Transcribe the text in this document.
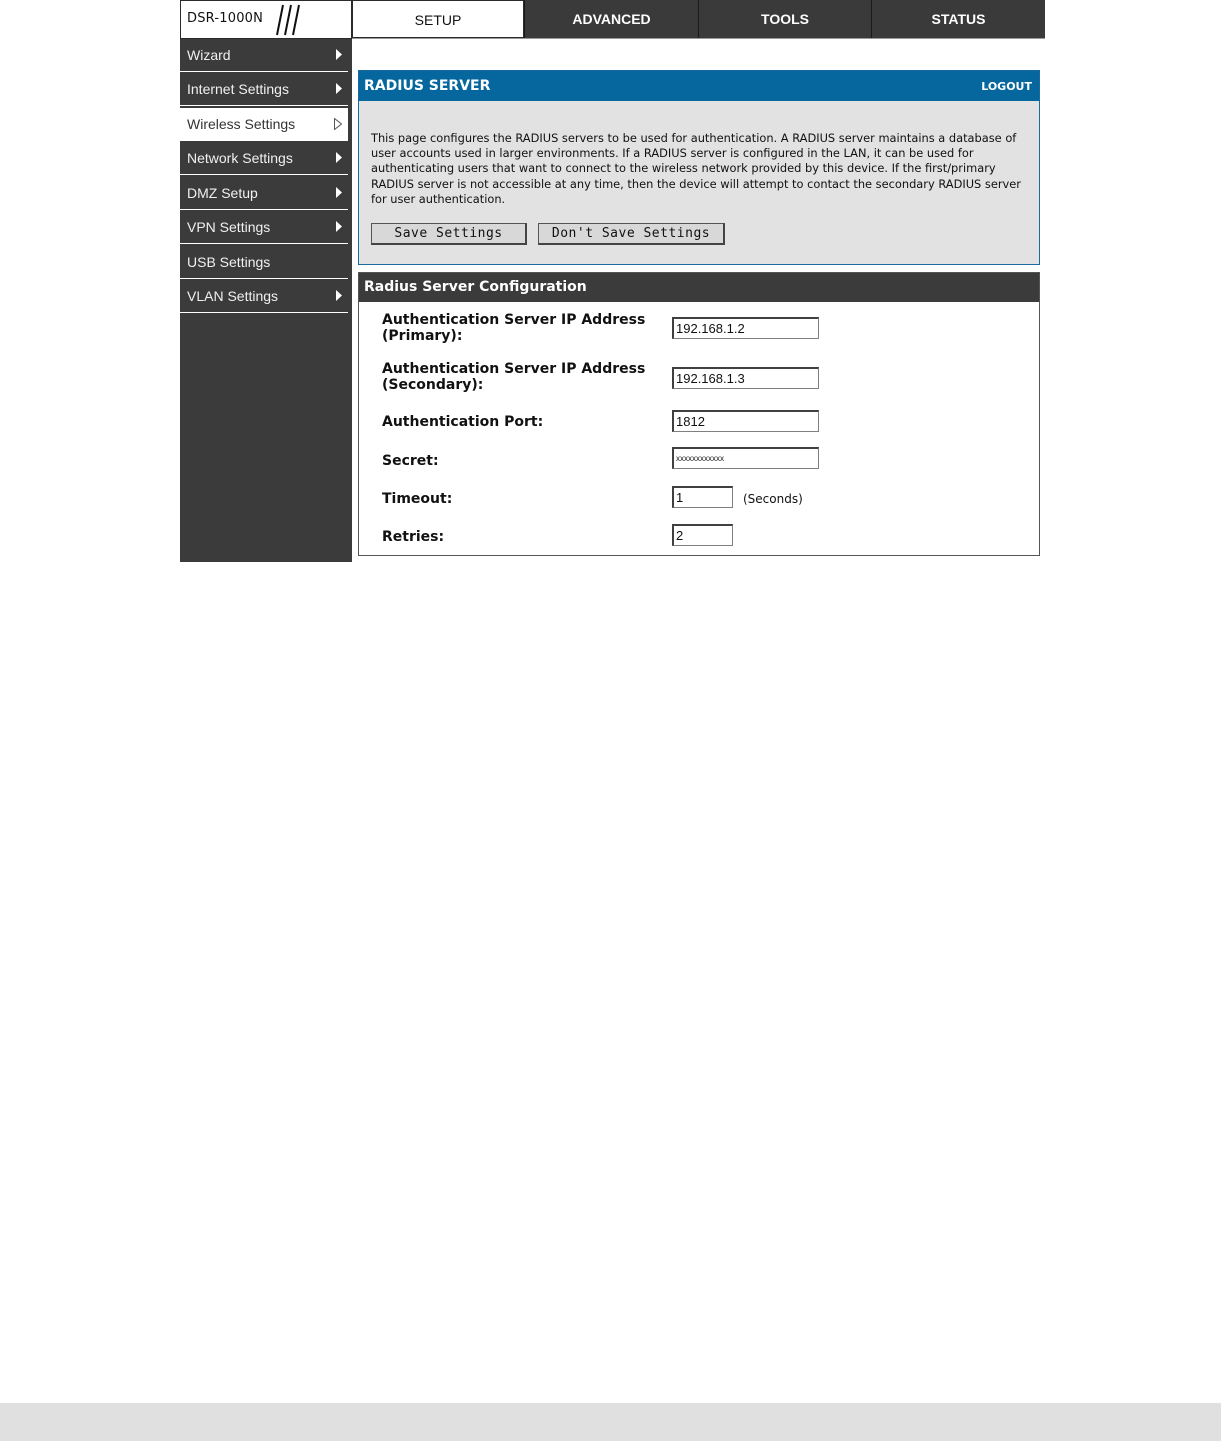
DSR-1000N	SETUP	ADVANCED	TOOLS	STATUS
Wizard
Internet Settings
Wireless Settings
Network Settings
DMZ Setup
VPN Settings
USB Settings
VLAN Settings
RADIUS SERVER	LOGOUT
This page configures the RADIUS servers to be used for authentication. A RADIUS server maintains a database of user accounts used in larger environments. If a RADIUS server is configured in the LAN, it can be used for authenticating users that want to connect to the wireless network provided by this device. If the first/primary RADIUS server is not accessible at any time, then the device will attempt to contact the secondary RADIUS server for user authentication.
Save Settings	Don't Save Settings
Radius Server Configuration
Authentication Server IP Address
(Primary):
192.168.1.2
Authentication Server IP Address
(Secondary):
192.168.1.3
Authentication Port:
1812
Secret:
xxxxxxxxxxxx
Timeout:
1	(Seconds)
Retries:
2
